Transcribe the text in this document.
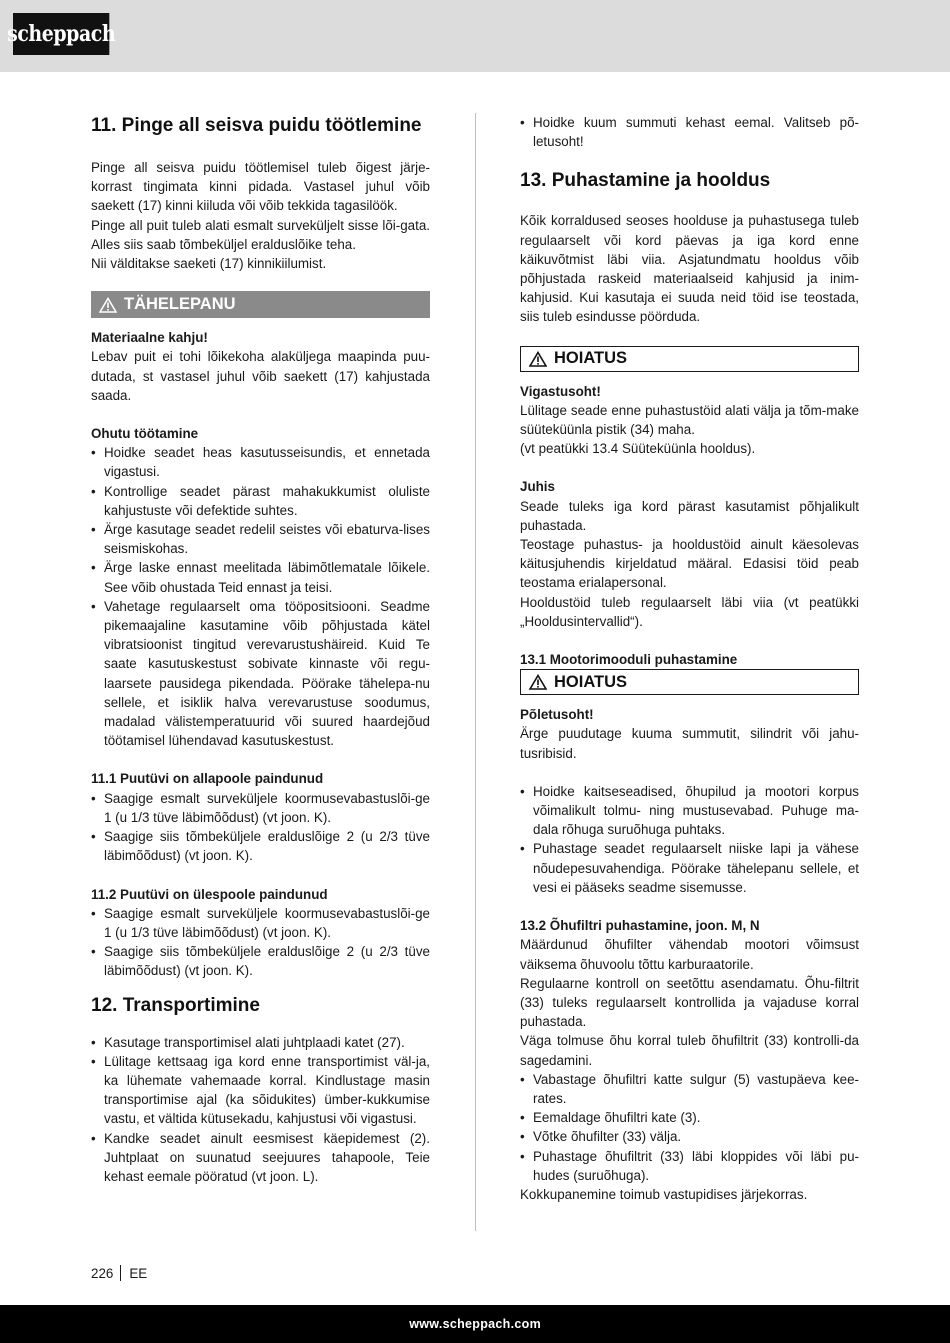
scheppach
11. Pinge all seisva puidu töötlemine

Pinge all seisva puidu töötlemisel tuleb õigest järje-korrast tingimata kinni pidada. Vastasel juhul võib saekett (17) kinni kiiluda või võib tekkida tagasilöök.

Pinge all puit tuleb alati esmalt surveküljelt sisse lõi-gata. Alles siis saab tõmbeküljel eralduslõike teha.

Nii välditakse saeketi (17) kinnikiilumist.

TÄHELEPANU

Materiaalne kahju!

Lebav puit ei tohi lõikekoha alaküljega maapinda puu-dutada, st vastasel juhul võib saekett (17) kahjustada saada.

Ohutu töötamine

• Hoidke seadet heas kasutusseisundis, et ennetada vigastusi.
• Kontrollige seadet pärast mahakukkumist oluliste kahjustuste või defektide suhtes.
• Ärge kasutage seadet redelil seistes või ebaturva-lises seismiskohas.
• Ärge laske ennast meelitada läbimõtlematale lõikele. See võib ohustada Teid ennast ja teisi.
• Vahetage regulaarselt oma tööpositsiooni. Seadme pikemaajaline kasutamine võib põhjustada kätel vibratsioonist tingitud verevarustushäireid. Kuid Te saate kasutuskestust sobivate kinnaste või regu-laarsete pausidega pikendada. Pöörake tähelepa-nu sellele, et isiklik halva verevarustuse soodumus, madalad välistemperatuurid või suured haardejõud töötamisel lühendavad kasutuskestust.

11.1 Puutüvi on allapoole paindunud

• Saagige esmalt surveküljele koormusevabastuslõi-ge 1 (u 1/3 tüve läbimõõdust) (vt joon. K).
• Saagige siis tõmbeküljele eralduslõige 2 (u 2/3 tüve läbimõõdust) (vt joon. K).

11.2 Puutüvi on ülespoole paindunud

• Saagige esmalt surveküljele koormusevabastuslõi-ge 1 (u 1/3 tüve läbimõõdust) (vt joon. K).
• Saagige siis tõmbeküljele eralduslõige 2 (u 2/3 tüve läbimõõdust) (vt joon. K).
12. Transportimine
• Kasutage transportimisel alati juhtplaadi katet (27).
• Lülitage kettsaag iga kord enne transportimist väl-ja, ka lühemate vahemaade korral. Kindlustage masin transportimise ajal (ka sõidukites) ümber-kukkumise vastu, et vältida kütusekadu, kahjustusi või vigastusi.
• Kandke seadet ainult eesmisest käepidemest (2). Juhtplaat on suunatud seejuures tahapoole, Teie kehast eemale pööratud (vt joon. L).
• Hoidke kuum summuti kehast eemal. Valitseb põ-letusoht!
13. Puhastamine ja hooldus

Kõik korraldused seoses hoolduse ja puhastusega tuleb regulaarselt või kord päevas ja iga kord enne käikuvõtmist läbi viia. Asjatundmatu hooldus võib põhjustada raskeid materiaalseid kahjusid ja inim-kahjusid. Kui kasutaja ei suuda neid töid ise teostada, siis tuleb esindusse pöörduda.

HOIATUS

Vigastusoht!

Lülitage seade enne puhastustöid alati välja ja tõm-make süüteküünla pistik (34) maha.

(vt peatükki 13.4 Süüteküünla hooldus).

Juhis

Seade tuleks iga kord pärast kasutamist põhjalikult puhastada.

Teostage puhastus- ja hooldustöid ainult käesolevas käitusjuhendis kirjeldatud määral. Edasisi töid peab teostama erialapersonal.

Hooldustöid tuleb regulaarselt läbi viia (vt peatükki „Hooldusintervallid“).

13.1 Mootorimooduli puhastamine

HOIATUS

Põletusoht!

Ärge puudutage kuuma summutit, silindrit või jahu-tusribisid.

• Hoidke kaitseseadised, õhupilud ja mootori korpus võimalikult tolmu- ning mustusevabad. Puhuge ma-dala rõhuga suruõhuga puhtaks.
• Puhastage seadet regulaarselt niiske lapi ja vähese nõudepesuvahendiga. Pöörake tähelepanu sellele, et vesi ei pääseks seadme sisemusse.

13.2 Õhufiltri puhastamine, joon. M, N

Määrdunud õhufilter vähendab mootori võimsust väiksema õhuvoolu tõttu karburaatorile.

Regulaarne kontroll on seetõttu asendamatu. Õhu-filtrit (33) tuleks regulaarselt kontrollida ja vajaduse korral puhastada.

Väga tolmuse õhu korral tuleb õhufiltrit (33) kontrolli-da sagedamini.

• Vabastage õhufiltri katte sulgur (5) vastupäeva kee-rates.
• Eemaldage õhufiltri kate (3).
• Võtke õhufilter (33) välja.
• Puhastage õhufiltrit (33) läbi kloppides või läbi pu-hudes (suruõhuga).

Kokkupanemine toimub vastupidises järjekorras.

226 EE
www.scheppach.com
